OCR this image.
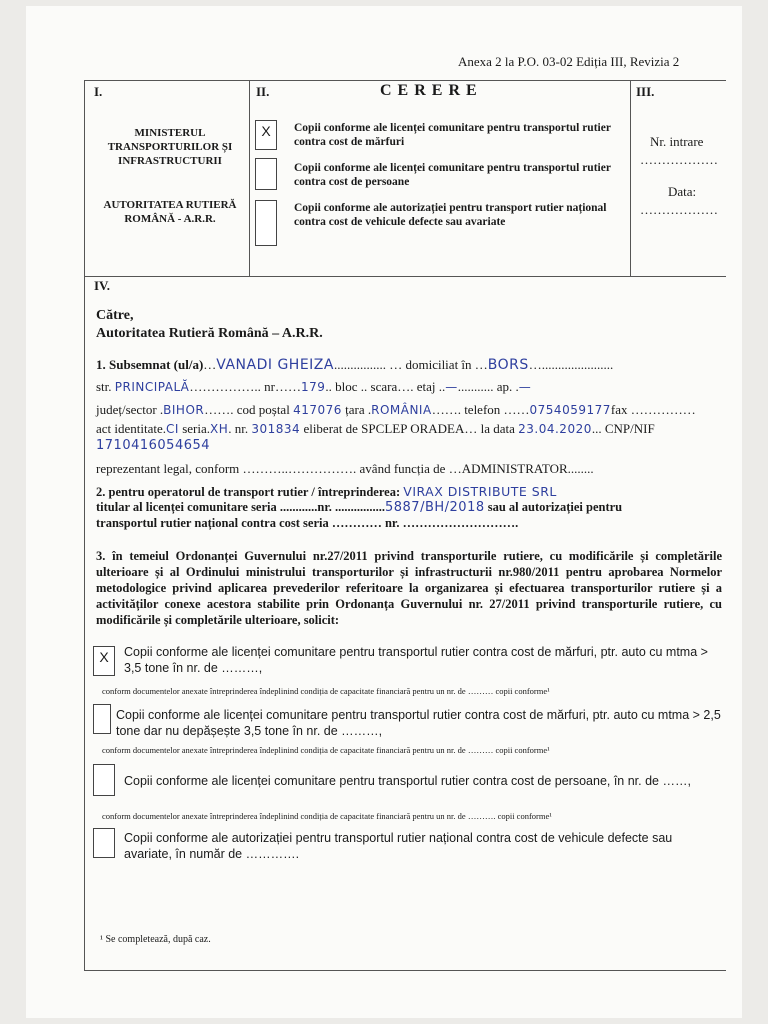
Anexa 2 la P.O. 03-02 Ediția III, Revizia 2
I.
MINISTERUL TRANSPORTURILOR ȘI INFRASTRUCTURII
AUTORITATEA RUTIERĂ ROMÂNĂ - A.R.R.
II.	C E R E R E
X	Copii conforme ale licenței comunitare pentru transportul rutier contra cost de mărfuri
Copii conforme ale licenței comunitare pentru transportul rutier contra cost de persoane
Copii conforme ale autorizației pentru transport rutier național contra cost de vehicule defecte sau avariate
III.
Nr. intrare
………………
Data:
………………
IV.
Către,
Autoritatea Rutieră Română – A.R.R.
1. Subsemnat (ul/a)…VANADI GHEIZA................ … domiciliat în …BORS…......................
str. PRINCIPALĂ…………….. nr……179.. bloc .. scara…. etaj ..—........... ap. .—
județ/sector .BIHOR……. cod poștal 417076 țara .ROMÂNIA……. telefon ……0754059177fax ……………
act identitate.CI seria.XH. nr. 301834 eliberat de SPCLEP ORADEA… la data 23.04.2020... CNP/NIF
1710416054654
reprezentant legal, conform ………..……………. având funcția de …ADMINISTRATOR........
2. pentru operatorul de transport rutier / întreprinderea: VIRAX DISTRIBUTE SRL
titular al licenței comunitare seria ............nr. ................5887/BH/2018 sau al autorizației pentru
transportul rutier național contra cost seria ………… nr. ……………………….
3. în temeiul Ordonanței Guvernului nr.27/2011 privind transporturile rutiere, cu modificările și completările ulterioare și al Ordinului ministrului transporturilor și infrastructurii nr.980/2011 pentru aprobarea Normelor metodologice privind aplicarea prevederilor referitoare la organizarea și efectuarea transporturilor rutiere și a activităților conexe acestora stabilite prin Ordonanța Guvernului nr. 27/2011 privind transporturile rutiere, cu modificările și completările ulterioare, solicit:
X	Copii conforme ale licenței comunitare pentru transportul rutier contra cost de mărfuri, ptr. auto cu mtma > 3,5 tone în nr. de ………,
conform documentelor anexate întreprinderea îndeplinind condiția de capacitate financiară pentru un nr. de ……… copii conforme¹
Copii conforme ale licenței comunitare pentru transportul rutier contra cost de mărfuri, ptr. auto cu mtma > 2,5 tone dar nu depășește 3,5 tone în nr. de ………,
conform documentelor anexate întreprinderea îndeplinind condiția de capacitate financiară pentru un nr. de ……… copii conforme¹
Copii conforme ale licenței comunitare pentru transportul rutier contra cost de persoane, în nr. de ……,
conform documentelor anexate întreprinderea îndeplinind condiția de capacitate financiară pentru un nr. de ………. copii conforme¹
Copii conforme ale autorizației pentru transportul rutier național contra cost de vehicule defecte sau avariate, în număr de ………….
¹ Se completează, după caz.
